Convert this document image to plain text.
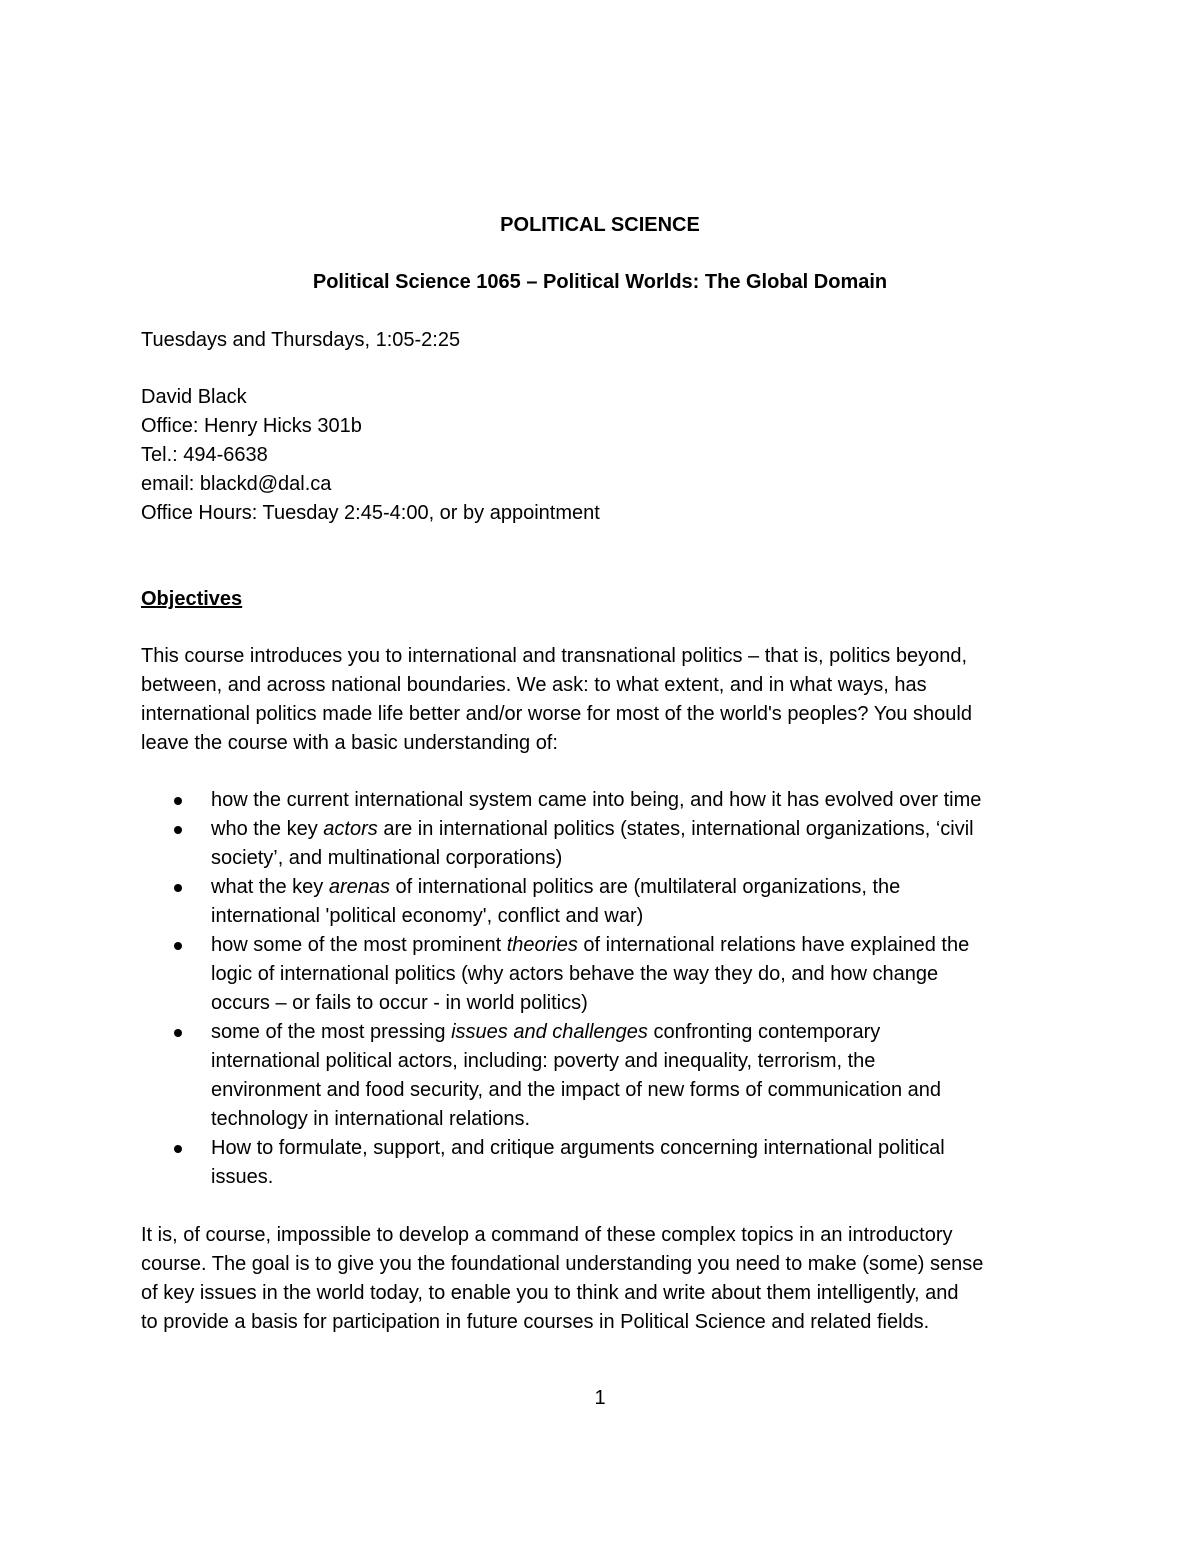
POLITICAL SCIENCE
Political Science 1065 – Political Worlds: The Global Domain
Tuesdays and Thursdays, 1:05-2:25
David Black
Office: Henry Hicks 301b
Tel.: 494-6638
email: blackd@dal.ca
Office Hours: Tuesday 2:45-4:00, or by appointment
Objectives
This course introduces you to international and transnational politics – that is, politics beyond,
between, and across national boundaries. We ask: to what extent, and in what ways, has
international politics made life better and/or worse for most of the world's peoples? You should
leave the course with a basic understanding of:
how the current international system came into being, and how it has evolved over time
who the key actors are in international politics (states, international organizations, ‘civil
society’, and multinational corporations)
what the key arenas of international politics are (multilateral organizations, the
international 'political economy', conflict and war)
how some of the most prominent theories of international relations have explained the
logic of international politics (why actors behave the way they do, and how change
occurs – or fails to occur - in world politics)
some of the most pressing issues and challenges confronting contemporary
international political actors, including: poverty and inequality, terrorism, the
environment and food security, and the impact of new forms of communication and
technology in international relations.
How to formulate, support, and critique arguments concerning international political
issues.
It is, of course, impossible to develop a command of these complex topics in an introductory
course. The goal is to give you the foundational understanding you need to make (some) sense
of key issues in the world today, to enable you to think and write about them intelligently, and
to provide a basis for participation in future courses in Political Science and related fields.
1
